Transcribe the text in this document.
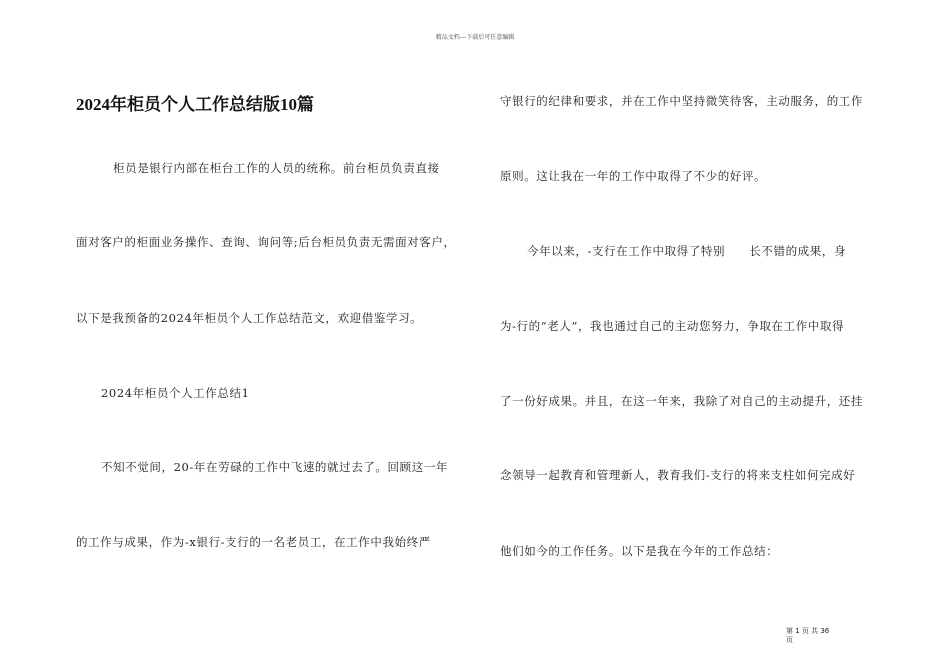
精品文档---下载后可任意编辑
2024年柜员个人工作总结版10篇
柜员是银行内部在柜台工作的人员的统称。前台柜员负责直接
面对客户的柜面业务操作、查询、询问等;后台柜员负责无需面对客户，
以下是我预备的2024年柜员个人工作总结范文，欢迎借鉴学习。
2024年柜员个人工作总结1
不知不觉间，20-年在劳碌的工作中飞速的就过去了。回顾这一年
的工作与成果，作为-x银行-支行的一名老员工，在工作中我始终严
守银行的纪律和要求，并在工作中坚持微笑待客，主动服务，的工作
原则。这让我在一年的工作中取得了不少的好评。
今年以来，-支行在工作中取得了特别　　长不错的成果，身
为-行的“老人”，我也通过自己的主动您努力，争取在工作中取得
了一份好成果。并且，在这一年来，我除了对自己的主动提升，还挂
念领导一起教育和管理新人，教育我们-支行的将来支柱如何完成好
他们如今的工作任务。以下是我在今年的工作总结：
第 1 页 共 36
页
